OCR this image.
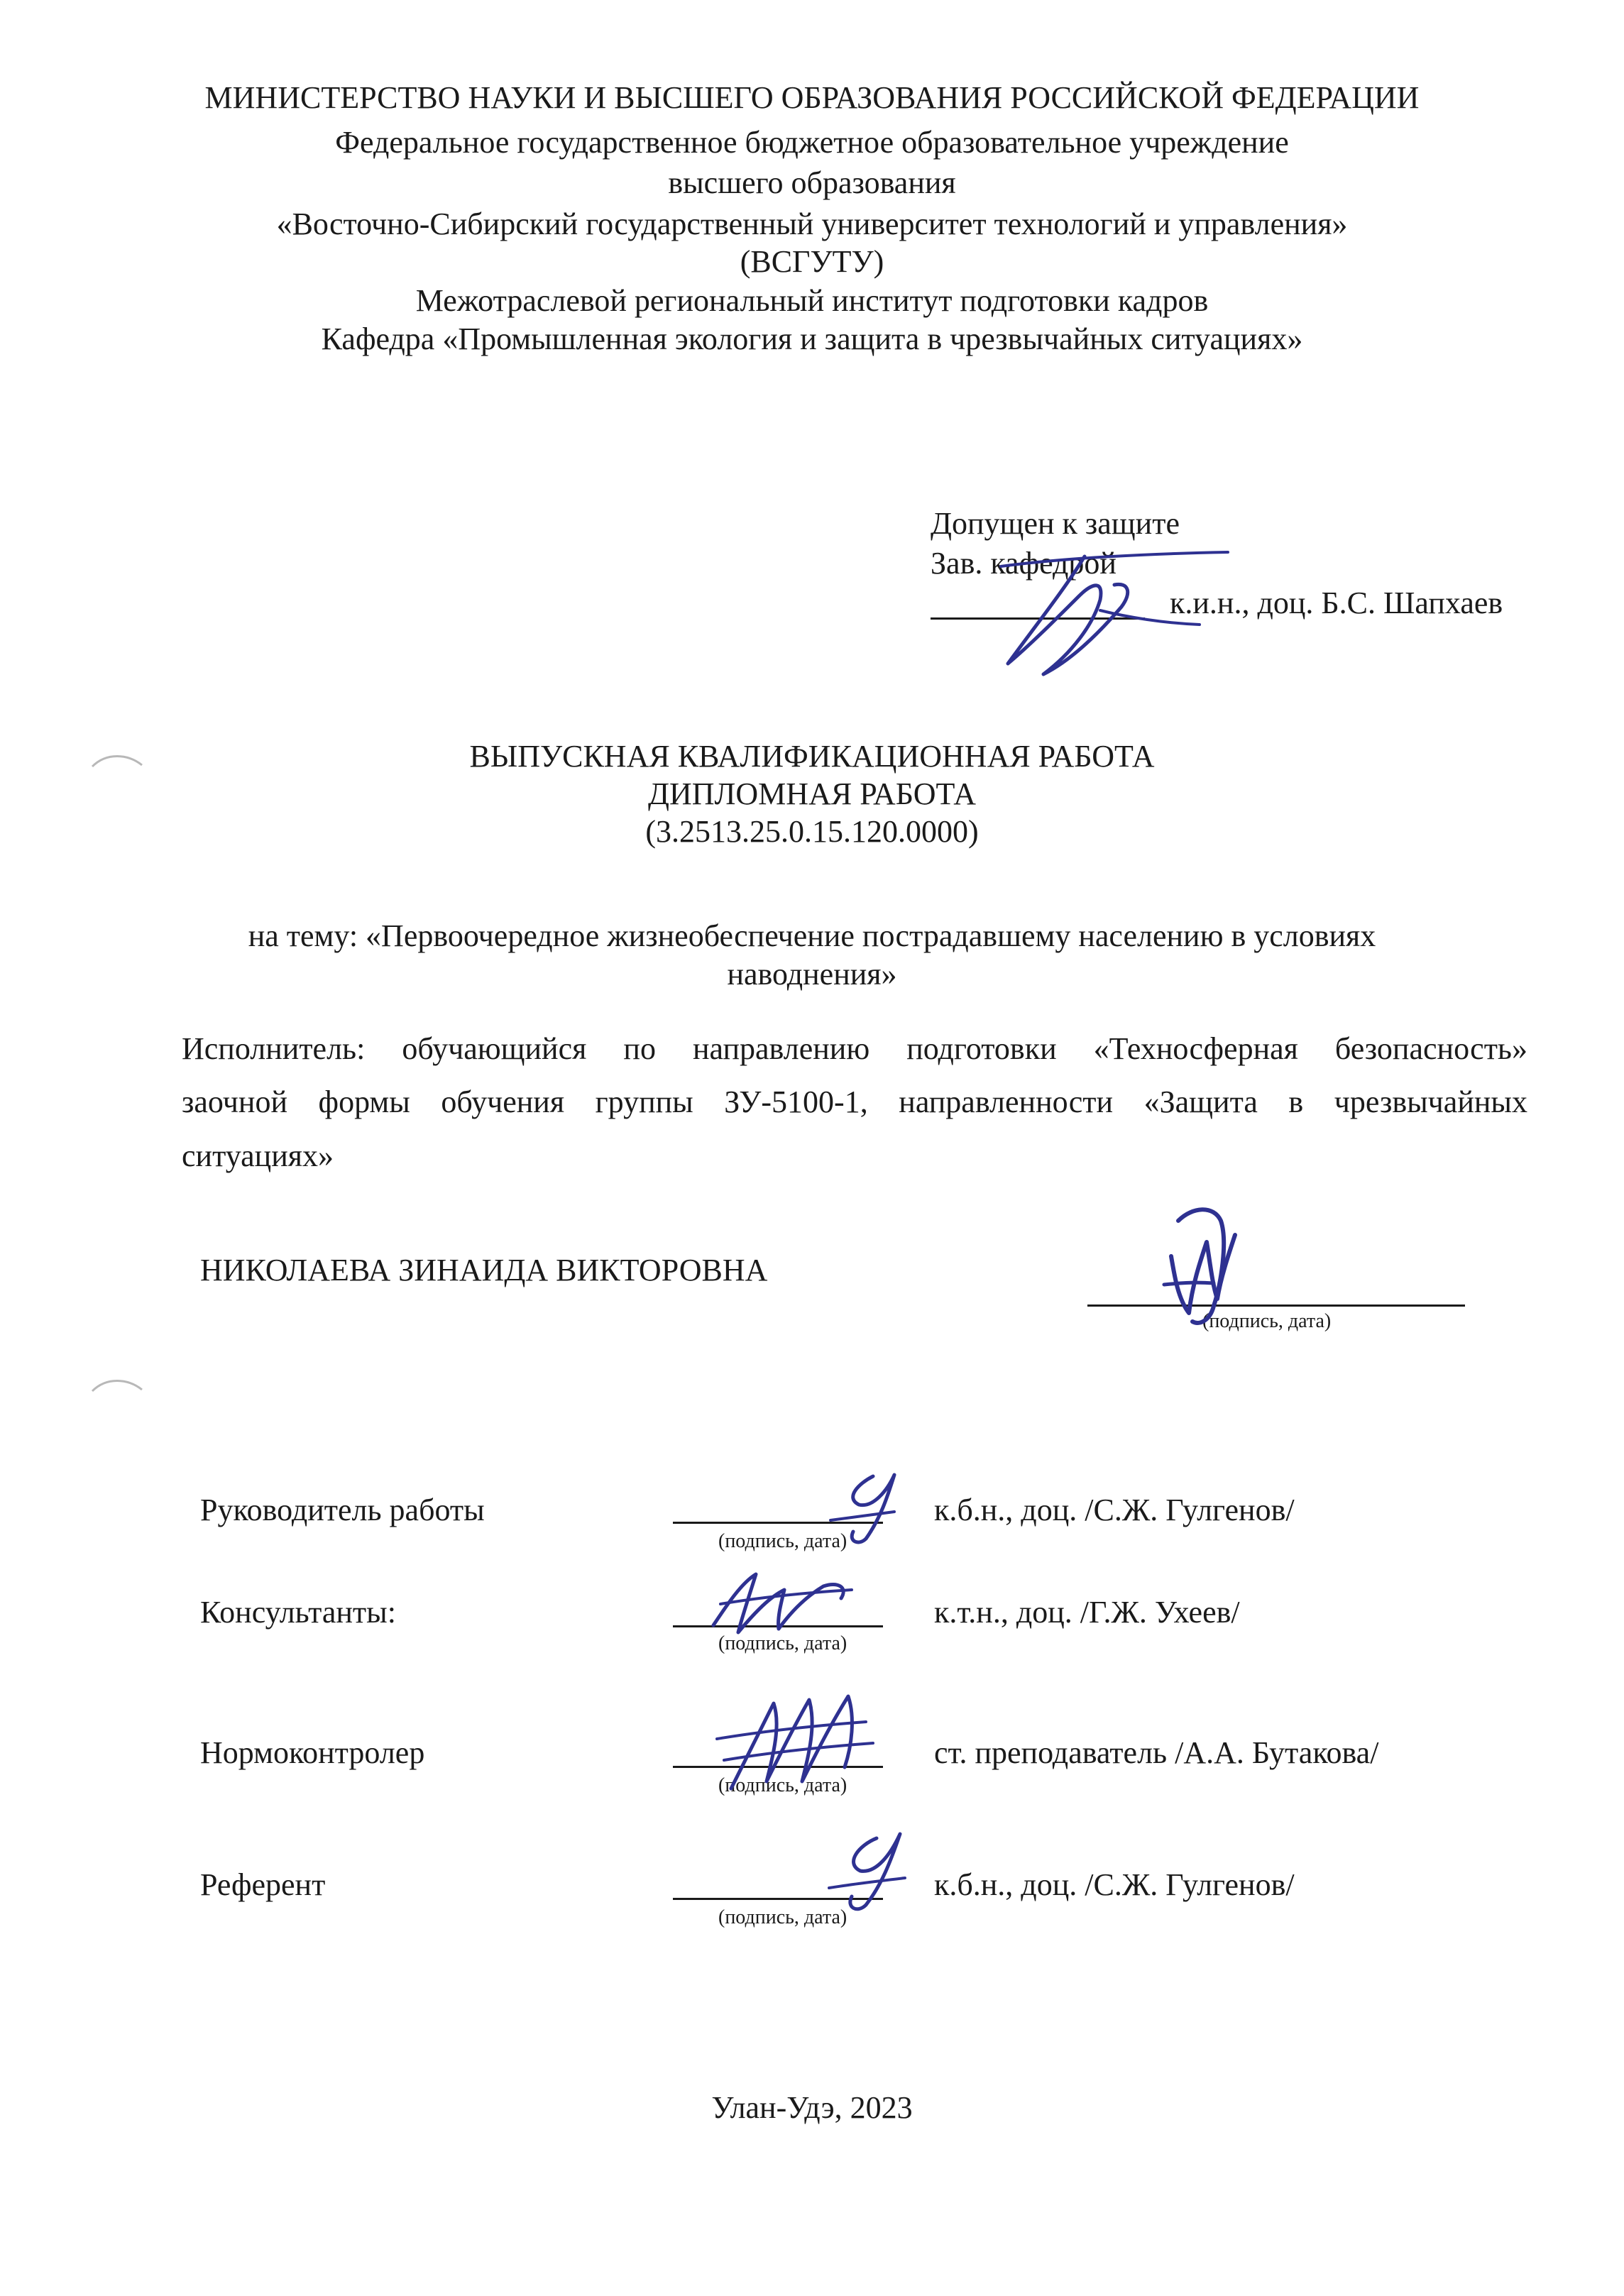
МИНИСТЕРСТВО НАУКИ И ВЫСШЕГО ОБРАЗОВАНИЯ РОССИЙСКОЙ ФЕДЕРАЦИИ
Федеральное государственное бюджетное образовательное учреждение
высшего образования
«Восточно-Сибирский государственный университет технологий и управления»
(ВСГУТУ)
Межотраслевой региональный институт подготовки кадров
Кафедра «Промышленная экология и защита в чрезвычайных ситуациях»
Допущен к защите
Зав. кафедрой
к.и.н., доц. Б.С. Шапхаев
ВЫПУСКНАЯ КВАЛИФИКАЦИОННАЯ РАБОТА
ДИПЛОМНАЯ РАБОТА
(3.2513.25.0.15.120.0000)
на тему: «Первоочередное жизнеобеспечение пострадавшему населению в условиях
наводнения»
Исполнитель: обучающийся по направлению подготовки «Техносферная безопасность»
заочной формы обучения группы ЗУ-5100-1, направленности «Защита в чрезвычайных
ситуациях»
НИКОЛАЕВА ЗИНАИДА ВИКТОРОВНА
(подпись, дата)
Руководитель работы
(подпись, дата)
к.б.н., доц. /С.Ж. Гулгенов/
Консультанты:
(подпись, дата)
к.т.н., доц. /Г.Ж. Ухеев/
Нормоконтролер
(подпись, дата)
ст. преподаватель /А.А. Бутакова/
Референт
(подпись, дата)
к.б.н., доц. /С.Ж. Гулгенов/
Улан-Удэ, 2023
